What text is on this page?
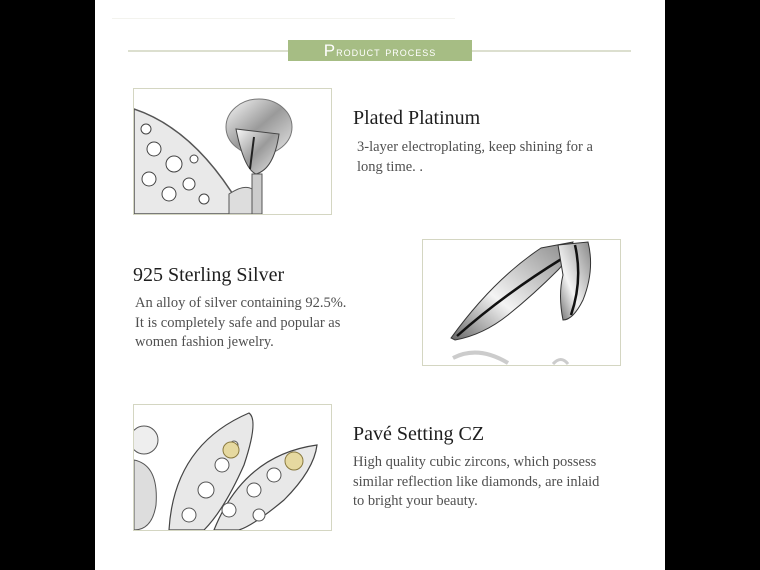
Product process
Plated Platinum
3-layer electroplating, keep shining for a
long time. .
925 Sterling Silver
An alloy of silver containing 92.5%.
It is completely safe and popular as
women fashion jewelry.
Pavé Setting CZ
High quality cubic zircons, which possess
similar reflection like diamonds, are inlaid
to bright your beauty.
